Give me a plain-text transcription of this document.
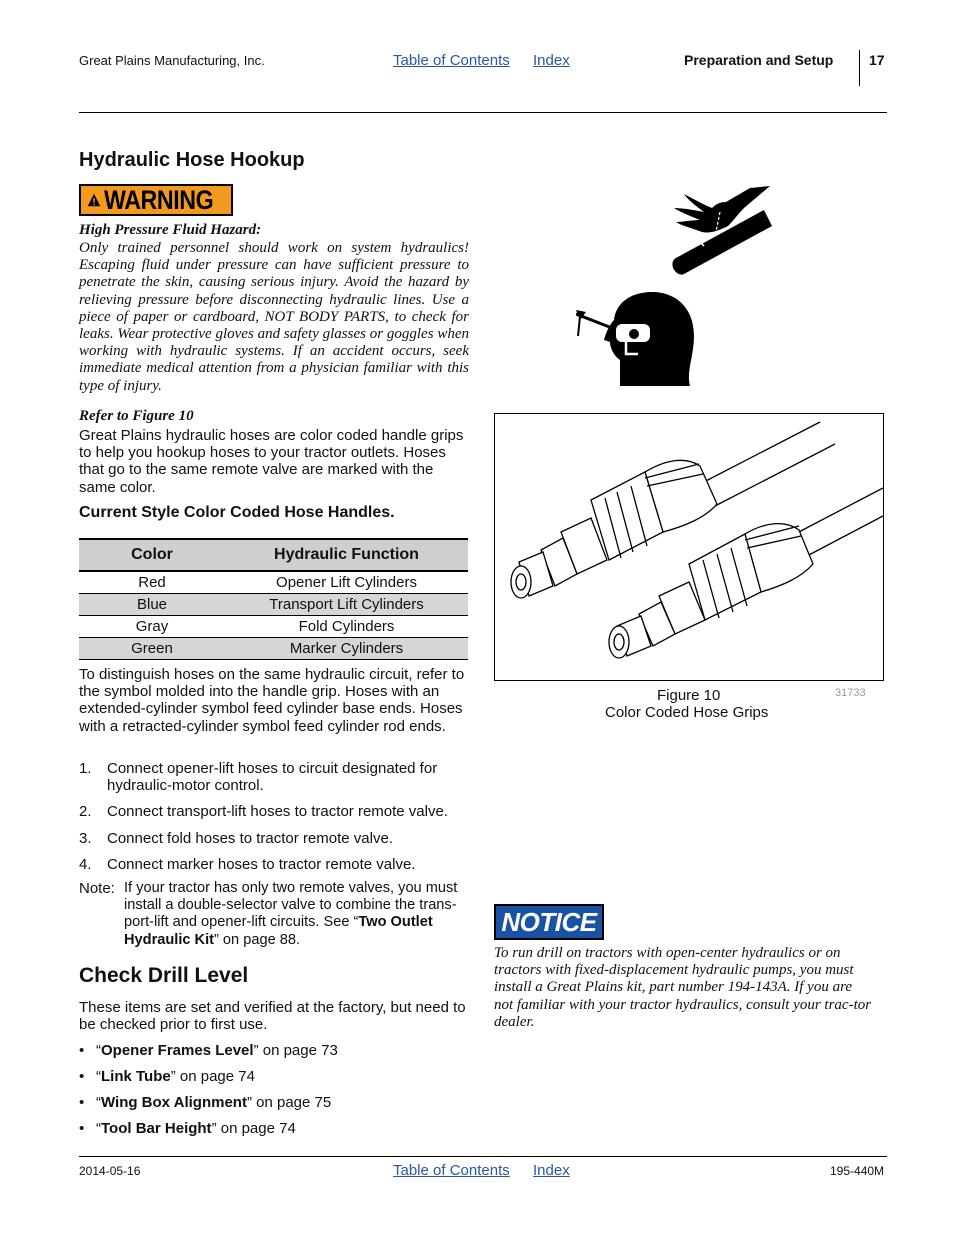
Great Plains Manufacturing, Inc.	Table of Contents Index	Preparation and Setup	17
Hydraulic Hose Hookup
WARNING
High Pressure Fluid Hazard:
Only trained personnel should work on system hydraulics! Escaping fluid under pressure can have sufficient pressure to penetrate the skin, causing serious injury. Avoid the hazard by relieving pressure before disconnecting hydraulic lines. Use a piece of paper or cardboard, NOT BODY PARTS, to check for leaks. Wear protective gloves and safety glasses or goggles when working with hydraulic systems. If an accident occurs, seek immediate medical attention from a physician familiar with this type of injury.
Refer to Figure 10
Great Plains hydraulic hoses are color coded handle grips to help you hookup hoses to your tractor outlets. Hoses that go to the same remote valve are marked with the same color.
Current Style Color Coded Hose Handles.
Color	Hydraulic Function
Red	Opener Lift Cylinders
Blue	Transport Lift Cylinders
Gray	Fold Cylinders
Green	Marker Cylinders
To distinguish hoses on the same hydraulic circuit, refer to the symbol molded into the handle grip. Hoses with an extended-cylinder symbol feed cylinder base ends. Hoses with a retracted-cylinder symbol feed cylinder rod ends.
1. Connect opener-lift hoses to circuit designated for hydraulic-motor control.
2. Connect transport-lift hoses to tractor remote valve.
3. Connect fold hoses to tractor remote valve.
4. Connect marker hoses to tractor remote valve.
Note: If your tractor has only two remote valves, you must install a double-selector valve to combine the trans-port-lift and opener-lift circuits. See “Two Outlet Hydraulic Kit” on page 88.
Check Drill Level
These items are set and verified at the factory, but need to be checked prior to first use.
• “Opener Frames Level” on page 73
• “Link Tube” on page 74
• “Wing Box Alignment” on page 75
• “Tool Bar Height” on page 74
Figure 10	31733
Color Coded Hose Grips
NOTICE
To run drill on tractors with open-center hydraulics or on tractors with fixed-displacement hydraulic pumps, you must install a Great Plains kit, part number 194-143A. If you are not familiar with your tractor hydraulics, consult your trac-tor dealer.
2014-05-16	Table of Contents Index	195-440M
